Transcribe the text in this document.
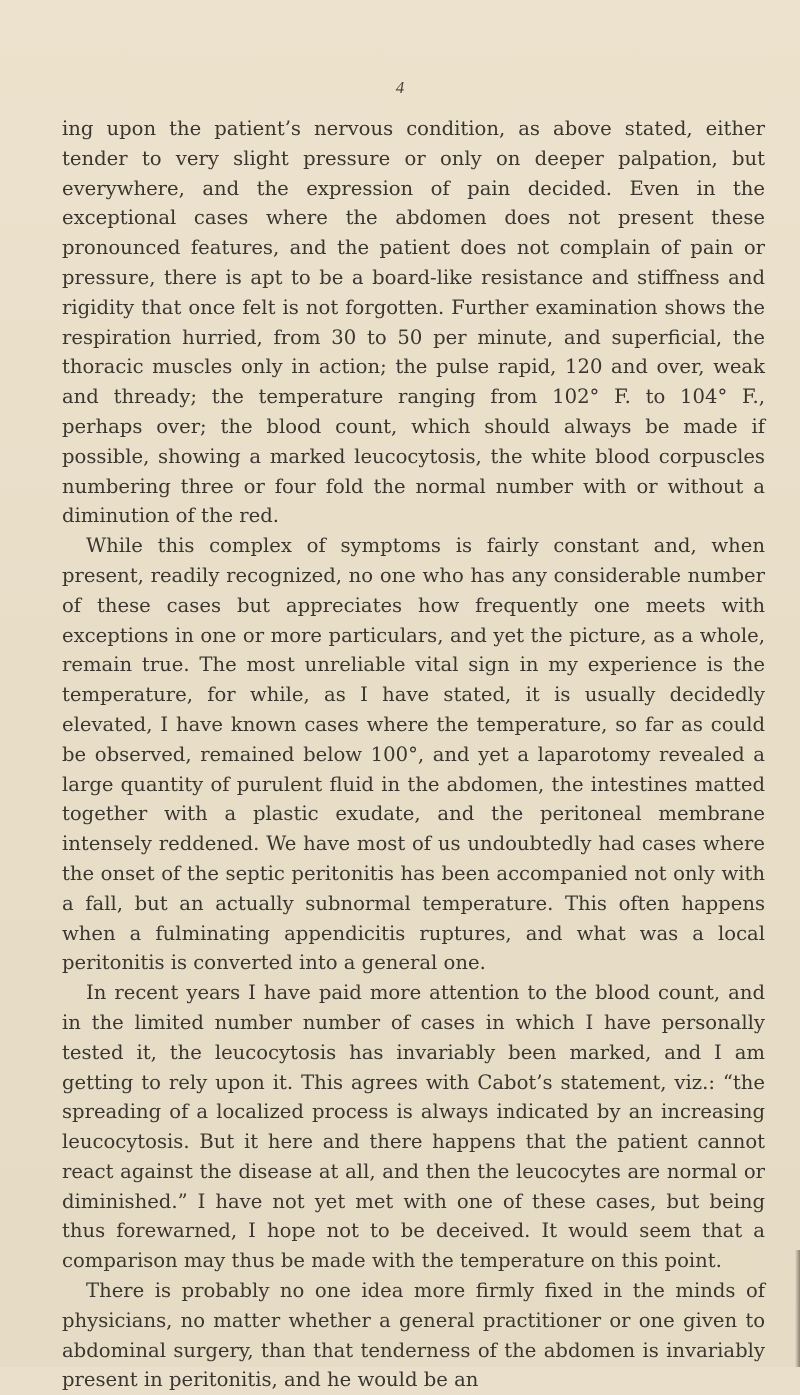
4

ing upon the patient’s nervous condition, as above stated, either tender to very slight pressure or only on deeper palpation, but everywhere, and the expression of pain decided. Even in the exceptional cases where the abdomen does not present these pronounced features, and the patient does not complain of pain or pressure, there is apt to be a board-like resistance and stiffness and rigidity that once felt is not forgotten. Further examination shows the respiration hurried, from 30 to 50 per minute, and superficial, the thoracic muscles only in action; the pulse rapid, 120 and over, weak and thready; the temperature ranging from 102° F. to 104° F., perhaps over; the blood count, which should always be made if possible, showing a marked leucocytosis, the white blood corpuscles numbering three or four fold the normal number with or without a diminution of the red.

While this complex of symptoms is fairly constant and, when present, readily recognized, no one who has any considerable number of these cases but appreciates how frequently one meets with exceptions in one or more particulars, and yet the picture, as a whole, remain true. The most unreliable vital sign in my experience is the temperature, for while, as I have stated, it is usually decidedly elevated, I have known cases where the temperature, so far as could be observed, remained below 100°, and yet a laparotomy revealed a large quantity of purulent fluid in the abdomen, the intestines matted together with a plastic exudate, and the peritoneal membrane intensely reddened. We have most of us undoubtedly had cases where the onset of the septic peritonitis has been accompanied not only with a fall, but an actually subnormal temperature. This often happens when a fulminating appendicitis ruptures, and what was a local peritonitis is converted into a general one.

In recent years I have paid more attention to the blood count, and in the limited number number of cases in which I have personally tested it, the leucocytosis has invariably been marked, and I am getting to rely upon it. This agrees with Cabot’s statement, viz.: “the spreading of a localized process is always indicated by an increasing leucocytosis. But it here and there happens that the patient cannot react against the disease at all, and then the leucocytes are normal or diminished.” I have not yet met with one of these cases, but being thus forewarned, I hope not to be deceived. It would seem that a comparison may thus be made with the temperature on this point.

There is probably no one idea more firmly fixed in the minds of physicians, no matter whether a general practitioner or one given to abdominal surgery, than that tenderness of the abdomen is invariably present in peritonitis, and he would be an
